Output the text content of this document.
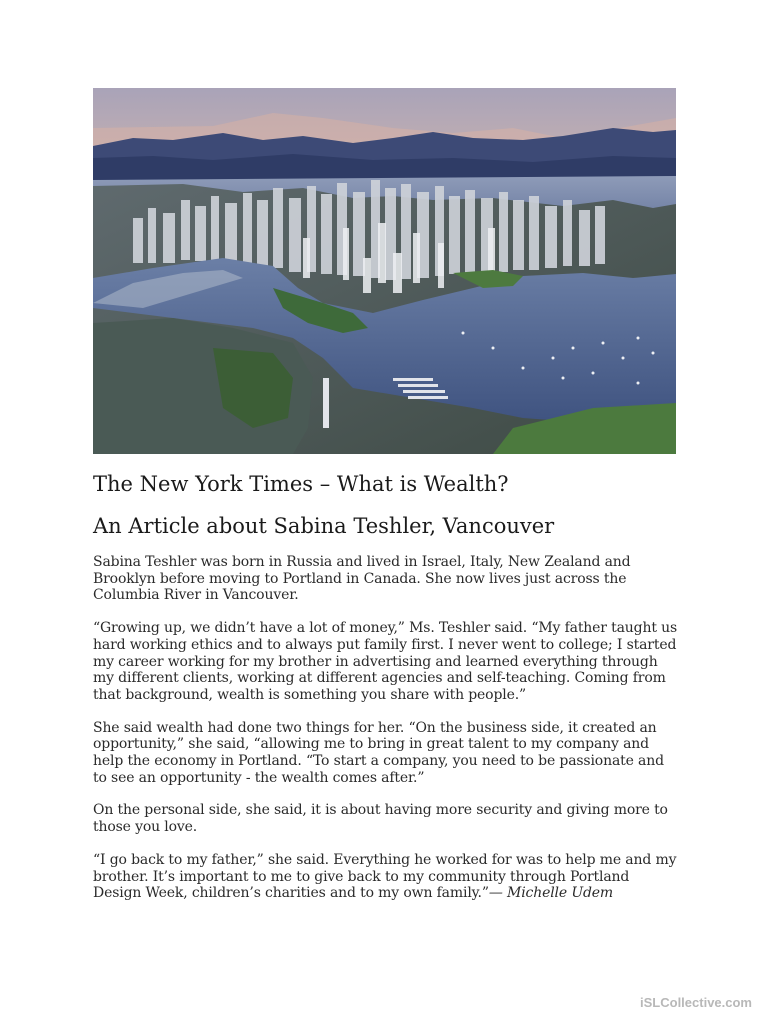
The New York Times – What is Wealth?
An Article about Sabina Teshler, Vancouver

Sabina Teshler was born in Russia and lived in Israel, Italy, New Zealand and Brooklyn before moving to Portland in Canada. She now lives just across the Columbia River in Vancouver.

“Growing up, we didn’t have a lot of money,” Ms. Teshler said. “My father taught us hard working ethics and to always put family first. I never went to college; I started my career working for my brother in advertising and learned everything through my different clients, working at different agencies and self-teaching. Coming from that background, wealth is something you share with people.”

She said wealth had done two things for her. “On the business side, it created an opportunity,” she said, “allowing me to bring in great talent to my company and help the economy in Portland. “To start a company, you need to be passionate and to see an opportunity - the wealth comes after.”

On the personal side, she said, it is about having more security and giving more to those you love.

“I go back to my father,” she said. Everything he worked for was to help me and my brother. It’s important to me to give back to my community through Portland Design Week, children’s charities and to my own family.”— Michelle Udem

iSLCollective.com
